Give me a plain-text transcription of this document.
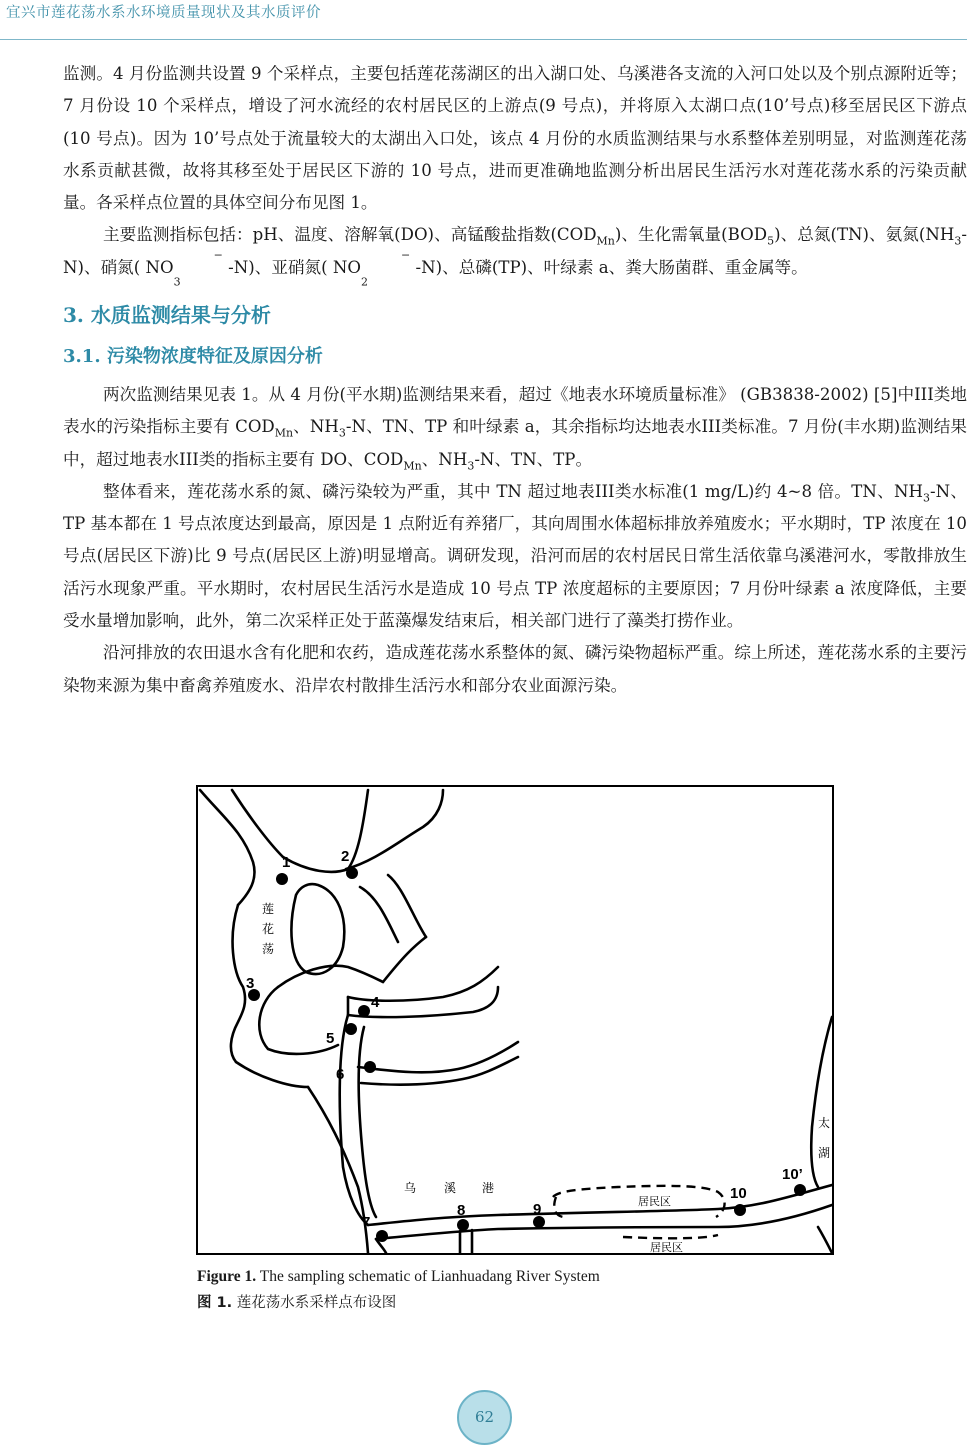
宜兴市莲花荡水系水环境质量现状及其水质评价

监测。4 月份监测共设置 9 个采样点，主要包括莲花荡湖区的出入湖口处、乌溪港各支流的入河口处以及个别点源附近等；7 月份设 10 个采样点，增设了河水流经的农村居民区的上游点(9 号点)，并将原入太湖口点(10’号点)移至居民区下游点(10 号点)。因为 10’号点处于流量较大的太湖出入口处，该点 4 月份的水质监测结果与水系整体差别明显，对监测莲花荡水系贡献甚微，故将其移至处于居民区下游的 10 号点，进而更准确地监测分析出居民生活污水对莲花荡水系的污染贡献量。各采样点位置的具体空间分布见图 1。

主要监测指标包括：pH、温度、溶解氧(DO)、高锰酸盐指数$(COD_{Mn})$、生化需氧量$(BOD_5)$、总氮(TN)、氨氮$(NH_3-N)$、硝氮( NO−
$_3$ -N)、亚硝氮( NO−
$_2$ -N)、总磷(TP)、叶绿素 a、粪大肠菌群、重金属等。

3. 水质监测结果与分析
3.1. 污染物浓度特征及原因分析

两次监测结果见表 1。从 4 月份(平水期)监测结果来看，超过《地表水环境质量标准》 (GB3838-2002) [5]中III类地表水的污染指标主要有 $COD_{Mn}$、$NH_3-N$、TN、TP 和叶绿素 a，其余指标均达地表水III类标准。7 月份(丰水期)监测结果中，超过地表水III类的指标主要有 DO、$COD_{Mn}$、$NH_3-N$、TN、TP。

整体看来，莲花荡水系的氮、磷污染较为严重，其中 TN 超过地表III类水标准(1 mg/L)约 4~8 倍。TN、$NH_3-N$、TP 基本都在 1 号点浓度达到最高，原因是 1 点附近有养猪厂，其向周围水体超标排放养殖废水；平水期时，TP 浓度在 10 号点(居民区下游)比 9 号点(居民区上游)明显增高。调研发现，沿河而居的农村居民日常生活依靠乌溪港河水，零散排放生活污水现象严重。平水期时，农村居民生活污水是造成 10 号点 TP 浓度超标的主要原因；7 月份叶绿素 a 浓度降低，主要受水量增加影响，此外，第二次采样正处于蓝藻爆发结束后，相关部门进行了藻类打捞作业。

沿河排放的农田退水含有化肥和农药，造成莲花荡水系整体的氮、磷污染物超标严重。综上所述，莲花荡水系的主要污染物来源为集中畜禽养殖废水、沿岸农村散排生活污水和部分农业面源污染。

1	2
3
4
5
6
7
8	9
10
10’
莲
花
荡
乌 溪 港
太
湖
居民区
居民区
Figure 1. The sampling schematic of Lianhuadang River System
图 1. 莲花荡水系采样点布设图
62
